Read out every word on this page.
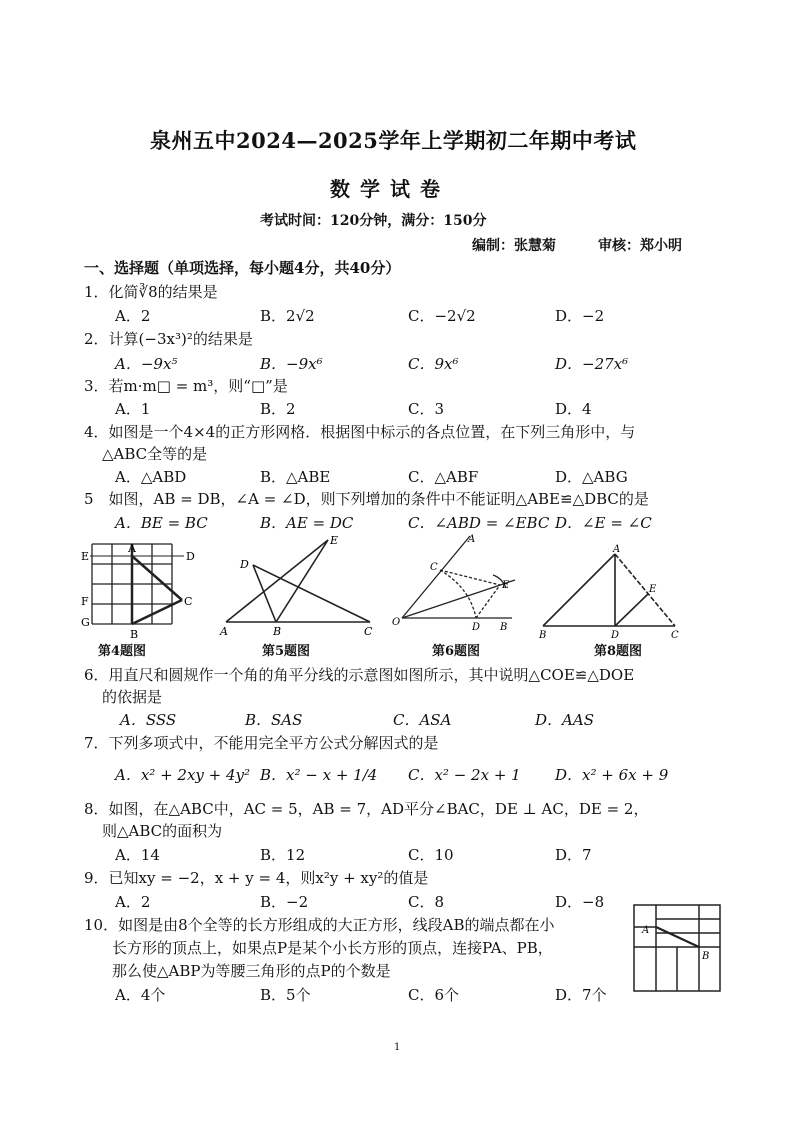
泉州五中2024—2025学年上学期初二年期中考试
数学试卷
考试时间：120分钟，满分：150分
编制：张慧菊	审核：郑小明
一、选择题（单项选择，每小题4分，共40分）
1．化简∛8的结果是
A．2	B．2√2	C．−2√2	D．−2
2．计算(−3x³)²的结果是
A．−9x⁵	B．−9x⁶	C．9x⁶	D．−27x⁶
3．若m·m□ = m³，则“□”是
A．1	B．2	C．3	D．4
4．如图是一个4×4的正方形网格．根据图中标示的各点位置，在下列三角形中，与
△ABC全等的是
A．△ABD	B．△ABE	C．△ABF	D．△ABG
5　如图，AB = DB，∠A = ∠D，则下列增加的条件中不能证明△ABE≌△DBC的是
A．BE = BC	B．AE = DC	C．∠ABD = ∠EBC D．∠E = ∠C
E
A
D
F	C
G
B
第4题图
E
D
A	B	C
第5题图
A
C
E
O	D B
第6题图
A
E
B	D	C
第8题图
6．用直尺和圆规作一个角的角平分线的示意图如图所示，其中说明△COE≌△DOE
的依据是
A．SSS	B．SAS	C．ASA	D．AAS
7．下列多项式中，不能用完全平方公式分解因式的是
A．x² + 2xy + 4y² B．x² − x + 1/4 C．x² − 2x + 1 D．x² + 6x + 9
8．如图，在△ABC中，AC = 5，AB = 7，AD平分∠BAC，DE ⊥ AC，DE = 2，
则△ABC的面积为
A．14	B．12	C．10	D．7
9．已知xy = −2，x + y = 4，则x²y + xy²的值是
A．2	B．−2	C．8	D．−8
10．如图是由8个全等的长方形组成的大正方形，线段AB的端点都在小
长方形的顶点上，如果点P是某个小长方形的顶点，连接PA、PB，
那么使△ABP为等腰三角形的点P的个数是
A．4个	B．5个	C．6个	D．7个
A
B
1
